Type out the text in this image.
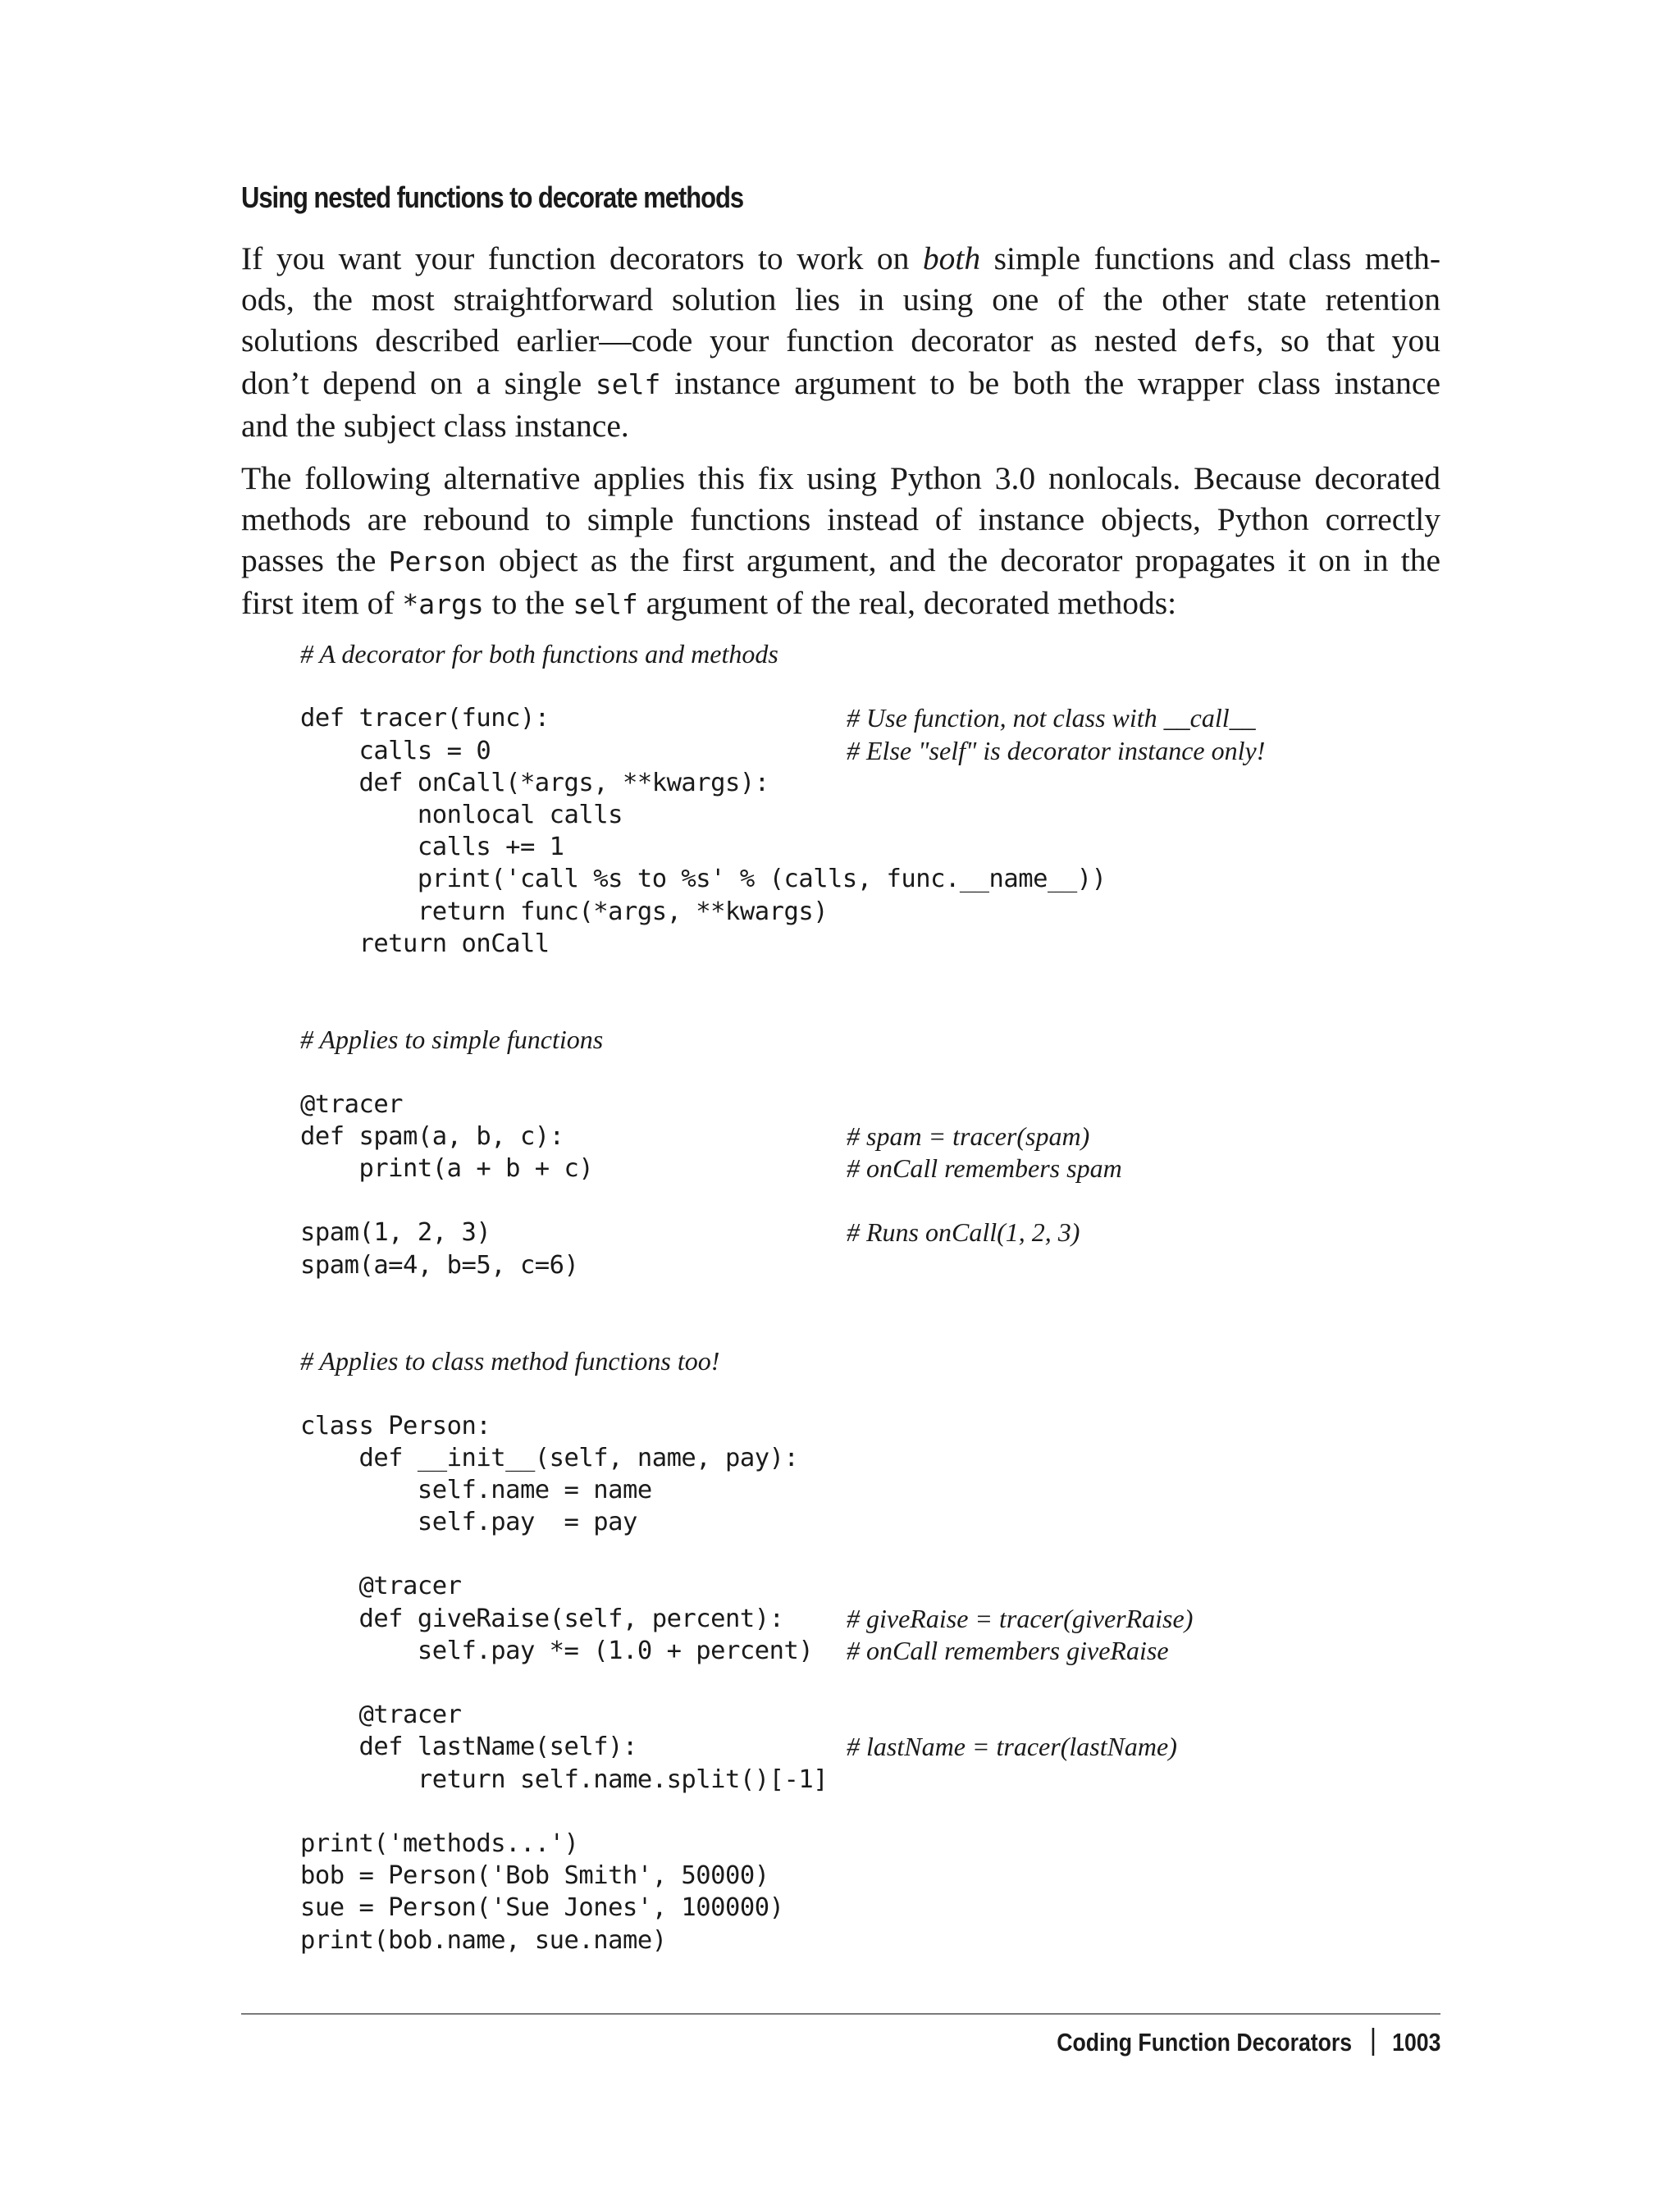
Using nested functions to decorate methods

If you want your function decorators to work on both simple functions and class meth-
ods, the most straightforward solution lies in using one of the other state retention
solutions described earlier—code your function decorator as nested defs, so that you
don’t depend on a single self instance argument to be both the wrapper class instance
and the subject class instance.

The following alternative applies this fix using Python 3.0 nonlocals. Because decorated
methods are rebound to simple functions instead of instance objects, Python correctly
passes the Person object as the first argument, and the decorator propagates it on in the
first item of *args to the self argument of the real, decorated methods:

# A decorator for both functions and methods
def tracer(func):	# Use function, not class with __call__
calls = 0	# Else "self" is decorator instance only!
def onCall(*args, **kwargs):
nonlocal calls
calls += 1
print('call %s to %s' % (calls, func.__name__))
return func(*args, **kwargs)
return onCall
# Applies to simple functions
@tracer
def spam(a, b, c):	# spam = tracer(spam)
print(a + b + c)	# onCall remembers spam
spam(1, 2, 3)	# Runs onCall(1, 2, 3)
spam(a=4, b=5, c=6)
# Applies to class method functions too!
class Person:
def __init__(self, name, pay):
self.name = name
self.pay  = pay
@tracer
def giveRaise(self, percent): # giveRaise = tracer(giverRaise)
self.pay *= (1.0 + percent) # onCall remembers giveRaise
@tracer
def lastName(self):	# lastName = tracer(lastName)
return self.name.split()[-1]
print('methods...')
bob = Person('Bob Smith', 50000)
sue = Person('Sue Jones', 100000)
print(bob.name, sue.name)
Coding Function Decorators 1003
